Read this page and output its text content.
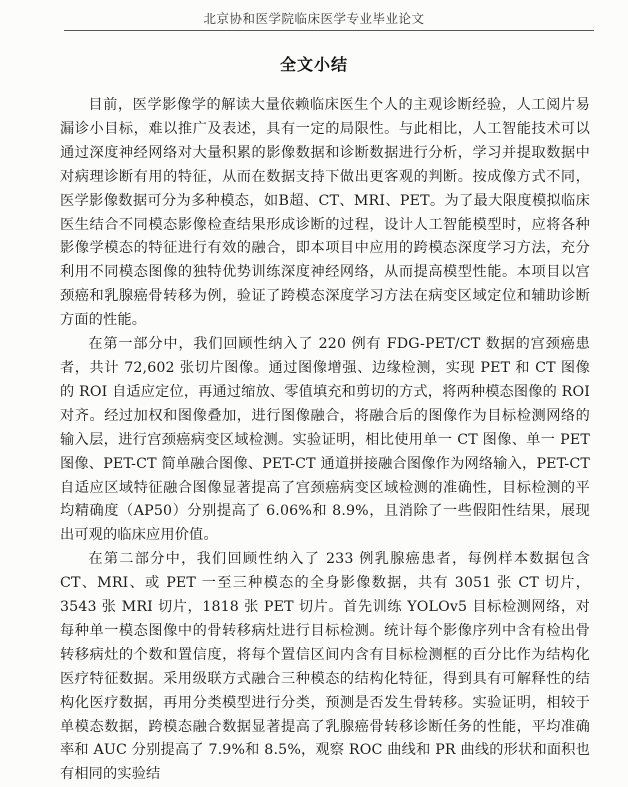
北京协和医学院临床医学专业毕业论文
全文小结

目前，医学影像学的解读大量依赖临床医生个人的主观诊断经验，人工阅片易漏诊小目标，难以推广及表述，具有一定的局限性。与此相比，人工智能技术可以通过深度神经网络对大量积累的影像数据和诊断数据进行分析，学习并提取数据中对病理诊断有用的特征，从而在数据支持下做出更客观的判断。按成像方式不同，医学影像数据可分为多种模态，如B超、CT、MRI、PET。为了最大限度模拟临床医生结合不同模态影像检查结果形成诊断的过程，设计人工智能模型时，应将各种影像学模态的特征进行有效的融合，即本项目中应用的跨模态深度学习方法，充分利用不同模态图像的独特优势训练深度神经网络，从而提高模型性能。本项目以宫颈癌和乳腺癌骨转移为例，验证了跨模态深度学习方法在病变区域定位和辅助诊断方面的性能。

在第一部分中，我们回顾性纳入了 220 例有 FDG-PET/CT 数据的宫颈癌患者，共计 72,602 张切片图像。通过图像增强、边缘检测，实现 PET 和 CT 图像的 ROI 自适应定位，再通过缩放、零值填充和剪切的方式，将两种模态图像的 ROI 对齐。经过加权和图像叠加，进行图像融合，将融合后的图像作为目标检测网络的输入层，进行宫颈癌病变区域检测。实验证明，相比使用单一 CT 图像、单一 PET 图像、PET-CT 简单融合图像、PET-CT 通道拼接融合图像作为网络输入，PET-CT 自适应区域特征融合图像显著提高了宫颈癌病变区域检测的准确性，目标检测的平均精确度（AP50）分别提高了 6.06%和 8.9%，且消除了一些假阳性结果，展现出可观的临床应用价值。

在第二部分中，我们回顾性纳入了 233 例乳腺癌患者，每例样本数据包含 CT、MRI、或 PET 一至三种模态的全身影像数据，共有 3051 张 CT 切片，3543 张 MRI 切片，1818 张 PET 切片。首先训练 YOLOv5 目标检测网络，对每种单一模态图像中的骨转移病灶进行目标检测。统计每个影像序列中含有检出骨转移病灶的个数和置信度，将每个置信区间内含有目标检测框的百分比作为结构化医疗特征数据。采用级联方式融合三种模态的结构化特征，得到具有可解释性的结构化医疗数据，再用分类模型进行分类，预测是否发生骨转移。实验证明，相较于单模态数据，跨模态融合数据显著提高了乳腺癌骨转移诊断任务的性能，平均准确率和 AUC 分别提高了 7.9%和 8.5%，观察 ROC 曲线和 PR 曲线的形状和面积也有相同的实验结
